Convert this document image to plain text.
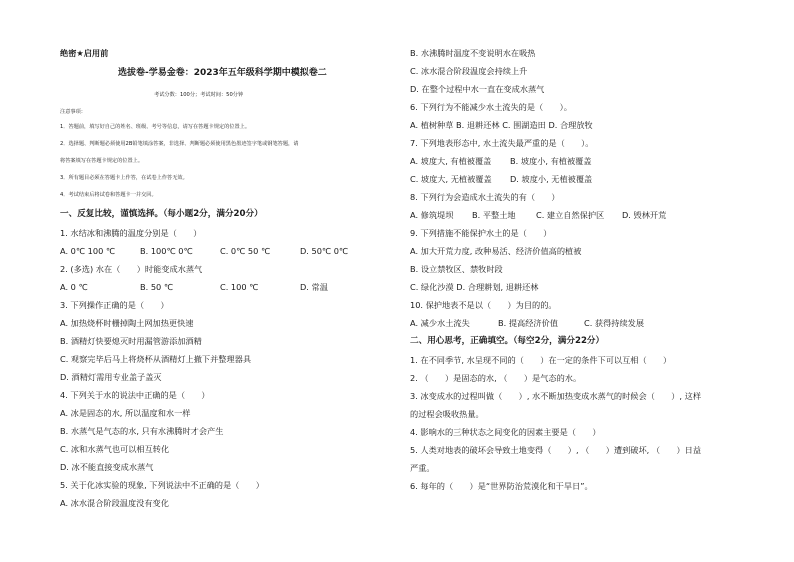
绝密★启用前
选拔卷-学易金卷：2023年五年级科学期中模拟卷二
考试分数：100分；考试时间：50分钟
注意事项：
1．答题前，填写好自己的姓名、班级、考号等信息，请写在答题卡规定的位置上。
2．选择题、判断题必须使用2B铅笔填涂答案，非选择、判断题必须使用黑色墨迹签字笔或钢笔答题，请
将答案填写在答题卡规定的位置上。
3．所有题目必须在答题卡上作答，在试卷上作答无效。
4．考试结束后将试卷和答题卡一并交回。
一、反复比较，谨慎选择。（每小题2分，满分20分）
1. 水结冰和沸腾的温度分别是（　　）
A. 0℃ 100 ℃	B. 100℃ 0℃	C. 0℃ 50 ℃	D. 50℃ 0℃
2. (多选) 水在（　　）时能变成水蒸气
A. 0 ℃	B. 50 ℃	C. 100 ℃	D. 常温
3. 下列操作正确的是（　　）
A. 加热烧杯时栅掉陶土网加热更快速
B. 酒精灯快要熄灭时用漏管游添加酒精
C. 观察完毕后马上将烧杯从酒精灯上撤下并整理器具
D. 酒精灯需用专业盖子盖灭
4. 下列关于水的说法中正确的是（　　）
A. 冰是固态的水, 所以温度和水一样
B. 水蒸气是气态的水, 只有水沸腾时才会产生
C. 冰和水蒸气也可以相互转化
D. 冰不能直接变成水蒸气
5. 关于化冰实验的现象, 下列说法中不正确的是（　　）
A. 冰水混合阶段温度没有变化
B. 水沸腾时温度不变说明水在吸热
C. 冰水混合阶段温度会持续上升
D. 在整个过程中水一直在变成水蒸气
6. 下列行为不能减少水土流失的是（　　）。
A. 植树种草 B. 退耕还林 C. 围湖造田 D. 合理放牧
7. 下列地表形态中, 水土流失最严重的是（　　）。
A. 坡度大, 有植被覆盖 B. 坡度小, 有植被覆盖
C. 坡度大, 无植被覆盖 D. 坡度小, 无植被覆盖
8. 下列行为会造成水土流失的有（　　）
A. 修筑堤坝 B. 平整土地 C. 建立自然保护区 D. 毁林开荒
9. 下列措施不能保护水土的是（　　）
A. 加大开荒力度, 改种易活、经济价值高的植被
B. 设立禁牧区、禁牧时段
C. 绿化沙漠 D. 合理耕划, 退耕还林
10. 保护地表不是以（　　）为目的的。
A. 减少水土流失	B. 提高经济价值	C. 获得持续发展
二、用心思考，正确填空。（每空2分，满分22分）
1. 在不同季节, 水呈现不同的（　　）在一定的条件下可以互相（　　）
2. （　　）是固态的水, （　　）是气态的水。
3. 冰变成水的过程叫做（　　）, 水不断加热变成水蒸气的时候会（　　）, 这样
的过程会吸收热量。
4. 影响水的三种状态之间变化的因素主要是（　　）
5. 人类对地表的破坏会导致土地变得（　　）, （　　）遭到破坏, （　　）日益
严重。
6. 每年的（　　）是“世界防治荒漠化和干旱日”。
